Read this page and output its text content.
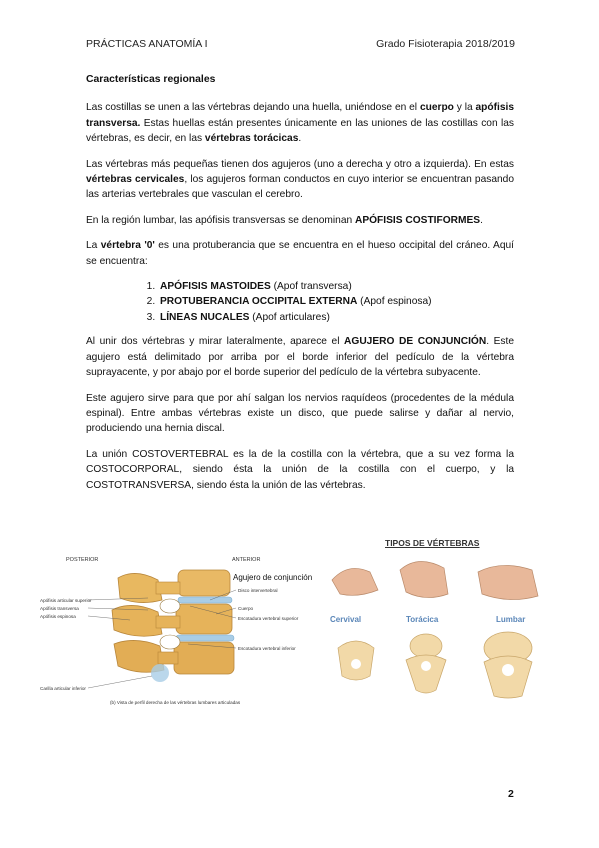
PRÁCTICAS ANATOMÍA I	Grado Fisioterapia 2018/2019
Características regionales

Las costillas se unen a las vértebras dejando una huella, uniéndose en el cuerpo y la apófisis transversa. Estas huellas están presentes únicamente en las uniones de las costillas con las vértebras, es decir, en las vértebras torácicas.

Las vértebras más pequeñas tienen dos agujeros (uno a derecha y otro a izquierda). En estas vértebras cervicales, los agujeros forman conductos en cuyo interior se encuentran pasando las arterias vertebrales que vasculan el cerebro.

En la región lumbar, las apófisis transversas se denominan APÓFISIS COSTIFORMES.

La vértebra '0' es una protuberancia que se encuentra en el hueso occipital del cráneo. Aquí se encuentra:

1. APÓFISIS MASTOIDES (Apof transversa)
2. PROTUBERANCIA OCCIPITAL EXTERNA (Apof espinosa)
3. LÍNEAS NUCALES (Apof articulares)

Al unir dos vértebras y mirar lateralmente, aparece el AGUJERO DE CONJUNCIÓN. Este agujero está delimitado por arriba por el borde inferior del pedículo de la vértebra suprayacente, y por abajo por el borde superior del pedículo de la vértebra subyacente.

Este agujero sirve para que por ahí salgan los nervios raquídeos (procedentes de la médula espinal). Entre ambas vértebras existe un disco, que puede salirse y dañar al nervio, produciendo una hernia discal.

La unión COSTOVERTEBRAL es la de la costilla con la vértebra, que a su vez forma la COSTOCORPORAL, siendo ésta la unión de la costilla con el cuerpo, y la COSTOTRANSVERSA, siendo ésta la unión de las vértebras.

POSTERIOR	ANTERIOR
Apófisis articular superior
Apófisis transversa
Apófisis espinosa
Carilla articular inferior
Disco intervertebral
Cuerpo
Escotadura vertebral superior
Escotadura vertebral inferior
(b) Vista de perfil derecha de las vértebras lumbares articuladas
Agujero de conjunción
TIPOS DE VÉRTEBRAS
Cervival	Torácica	Lumbar
2
